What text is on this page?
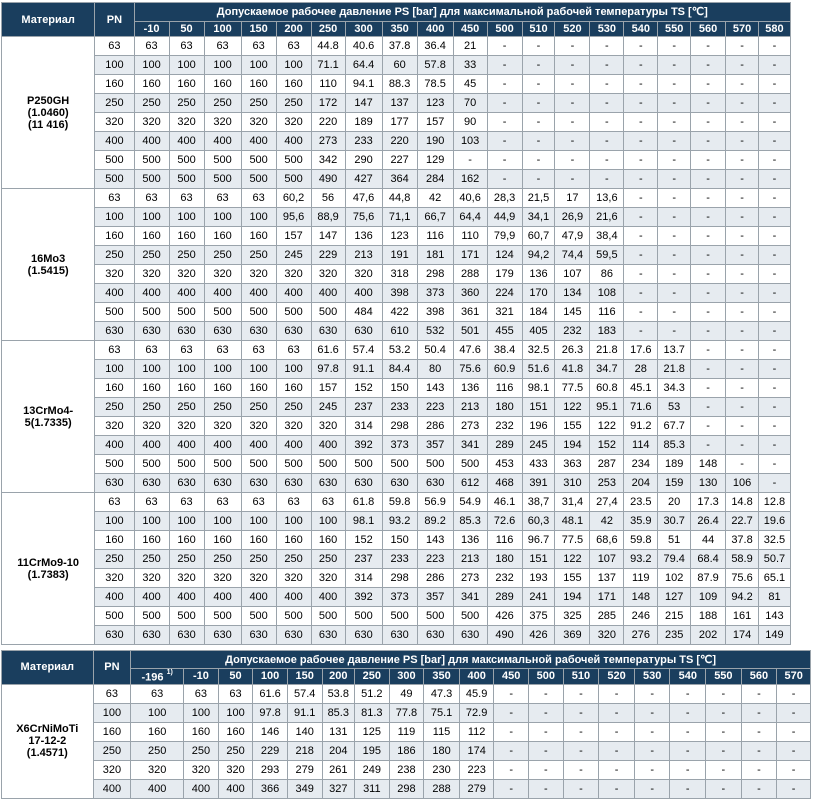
Материал	PN	Допускаемое рабочее давление PS [bar] для максимальной рабочей температуры TS [℃]																		
		-10	50	100	150	200	250	300	350	400	450	500	510	520	530	540	550	560	570	580

P250GH
(1.0460)
(11 416)	63	63	63	63	63	63	44.8	40.6	37.8	36.4	21	-	-	-	-	-	-	-	-	-
	100	100	100	100	100	100	71.1	64.4	60	57.8	33	-	-	-	-	-	-	-	-	-
	160	160	160	160	160	160	110	94.1	88.3	78.5	45	-	-	-	-	-	-	-	-	-
	250	250	250	250	250	250	172	147	137	123	70	-	-	-	-	-	-	-	-	-
	320	320	320	320	320	320	220	189	177	157	90	-	-	-	-	-	-	-	-	-
	400	400	400	400	400	400	273	233	220	190	103	-	-	-	-	-	-	-	-	-
	500	500	500	500	500	500	342	290	227	129	-	-	-	-	-	-	-	-	-	-
	500	500	500	500	500	500	490	427	364	284	162	-	-	-	-	-	-	-	-	-

16Mo3
(1.5415)	63	63	63	63	63	60,2	56	47,6	44,8	42	40,6	28,3	21,5	17	13,6	-	-	-	-	-
	100	100	100	100	100	95,6	88,9	75,6	71,1	66,7	64,4	44,9	34,1	26,9	21,6	-	-	-	-	-
	160	160	160	160	160	157	147	136	123	116	110	79,9	60,7	47,9	38,4	-	-	-	-	-
	250	250	250	250	250	245	229	213	191	181	171	124	94,2	74,4	59,5	-	-	-	-	-
	320	320	320	320	320	320	320	320	318	298	288	179	136	107	86	-	-	-	-	-
	400	400	400	400	400	400	400	400	398	373	360	224	170	134	108	-	-	-	-	-
	500	500	500	500	500	500	500	484	422	398	361	321	184	145	116	-	-	-	-	-
	630	630	630	630	630	630	630	630	610	532	501	455	405	232	183	-	-	-	-	-

13CrMo4-
5(1.7335)	63	63	63	63	63	63	61.6	57.4	53.2	50.4	47.6	38.4	32.5	26.3	21.8	17.6	13.7	-	-	-
	100	100	100	100	100	100	97.8	91.1	84.4	80	75.6	60.9	51.6	41.8	34.7	28	21.8	-	-	-
	160	160	160	160	160	160	157	152	150	143	136	116	98.1	77.5	60.8	45.1	34.3	-	-	-
	250	250	250	250	250	250	245	237	233	223	213	180	151	122	95.1	71.6	53	-	-	-
	320	320	320	320	320	320	320	314	298	286	273	232	196	155	122	91.2	67.7	-	-	-
	400	400	400	400	400	400	400	392	373	357	341	289	245	194	152	114	85.3	-	-	-
	500	500	500	500	500	500	500	500	500	500	500	453	433	363	287	234	189	148	-	-
	630	630	630	630	630	630	630	630	630	630	612	468	391	310	253	204	159	130	106	-

11CrMo9-10
(1.7383)	63	63	63	63	63	63	63	61.8	59.8	56.9	54.9	46.1	38,7	31,4	27,4	23.5	20	17.3	14.8	12.8
	100	100	100	100	100	100	100	98.1	93.2	89.2	85.3	72.6	60,3	48.1	42	35.9	30.7	26.4	22.7	19.6
	160	160	160	160	160	160	160	152	150	143	136	116	96.7	77.5	68,6	59.8	51	44	37.8	32.5
	250	250	250	250	250	250	250	237	233	223	213	180	151	122	107	93.2	79.4	68.4	58.9	50.7
	320	320	320	320	320	320	320	314	298	286	273	232	193	155	137	119	102	87.9	75.6	65.1
	400	400	400	400	400	400	400	392	373	357	341	289	241	194	171	148	127	109	94.2	81
	500	500	500	500	500	500	500	500	500	500	500	426	375	325	285	246	215	188	161	143
	630	630	630	630	630	630	630	630	630	630	630	490	426	369	320	276	235	202	174	149
Материал	PN	Допускаемое рабочее давление PS [bar] для максимальной рабочей температуры TS [℃]																		
		-196 $^{1)}$	-10	50	100	150	200	250	300	350	400	450	500	510	520	530	540	550	560	570

X6CrNiMoTi
17-12-2
(1.4571)	63	63	63	63	61.6	57.4	53.8	51.2	49	47.3	45.9	-	-	-	-	-	-	-	-	-
	100	100	100	100	97.8	91.1	85.3	81.3	77.8	75.1	72.9	-	-	-	-	-	-	-	-	-
	160	160	160	160	146	140	131	125	119	115	112	-	-	-	-	-	-	-	-	-
	250	250	250	250	229	218	204	195	186	180	174	-	-	-	-	-	-	-	-	-
	320	320	320	320	293	279	261	249	238	230	223	-	-	-	-	-	-	-	-	-
	400	400	400	400	366	349	327	311	298	288	279	-	-	-	-	-	-	-	-	-
